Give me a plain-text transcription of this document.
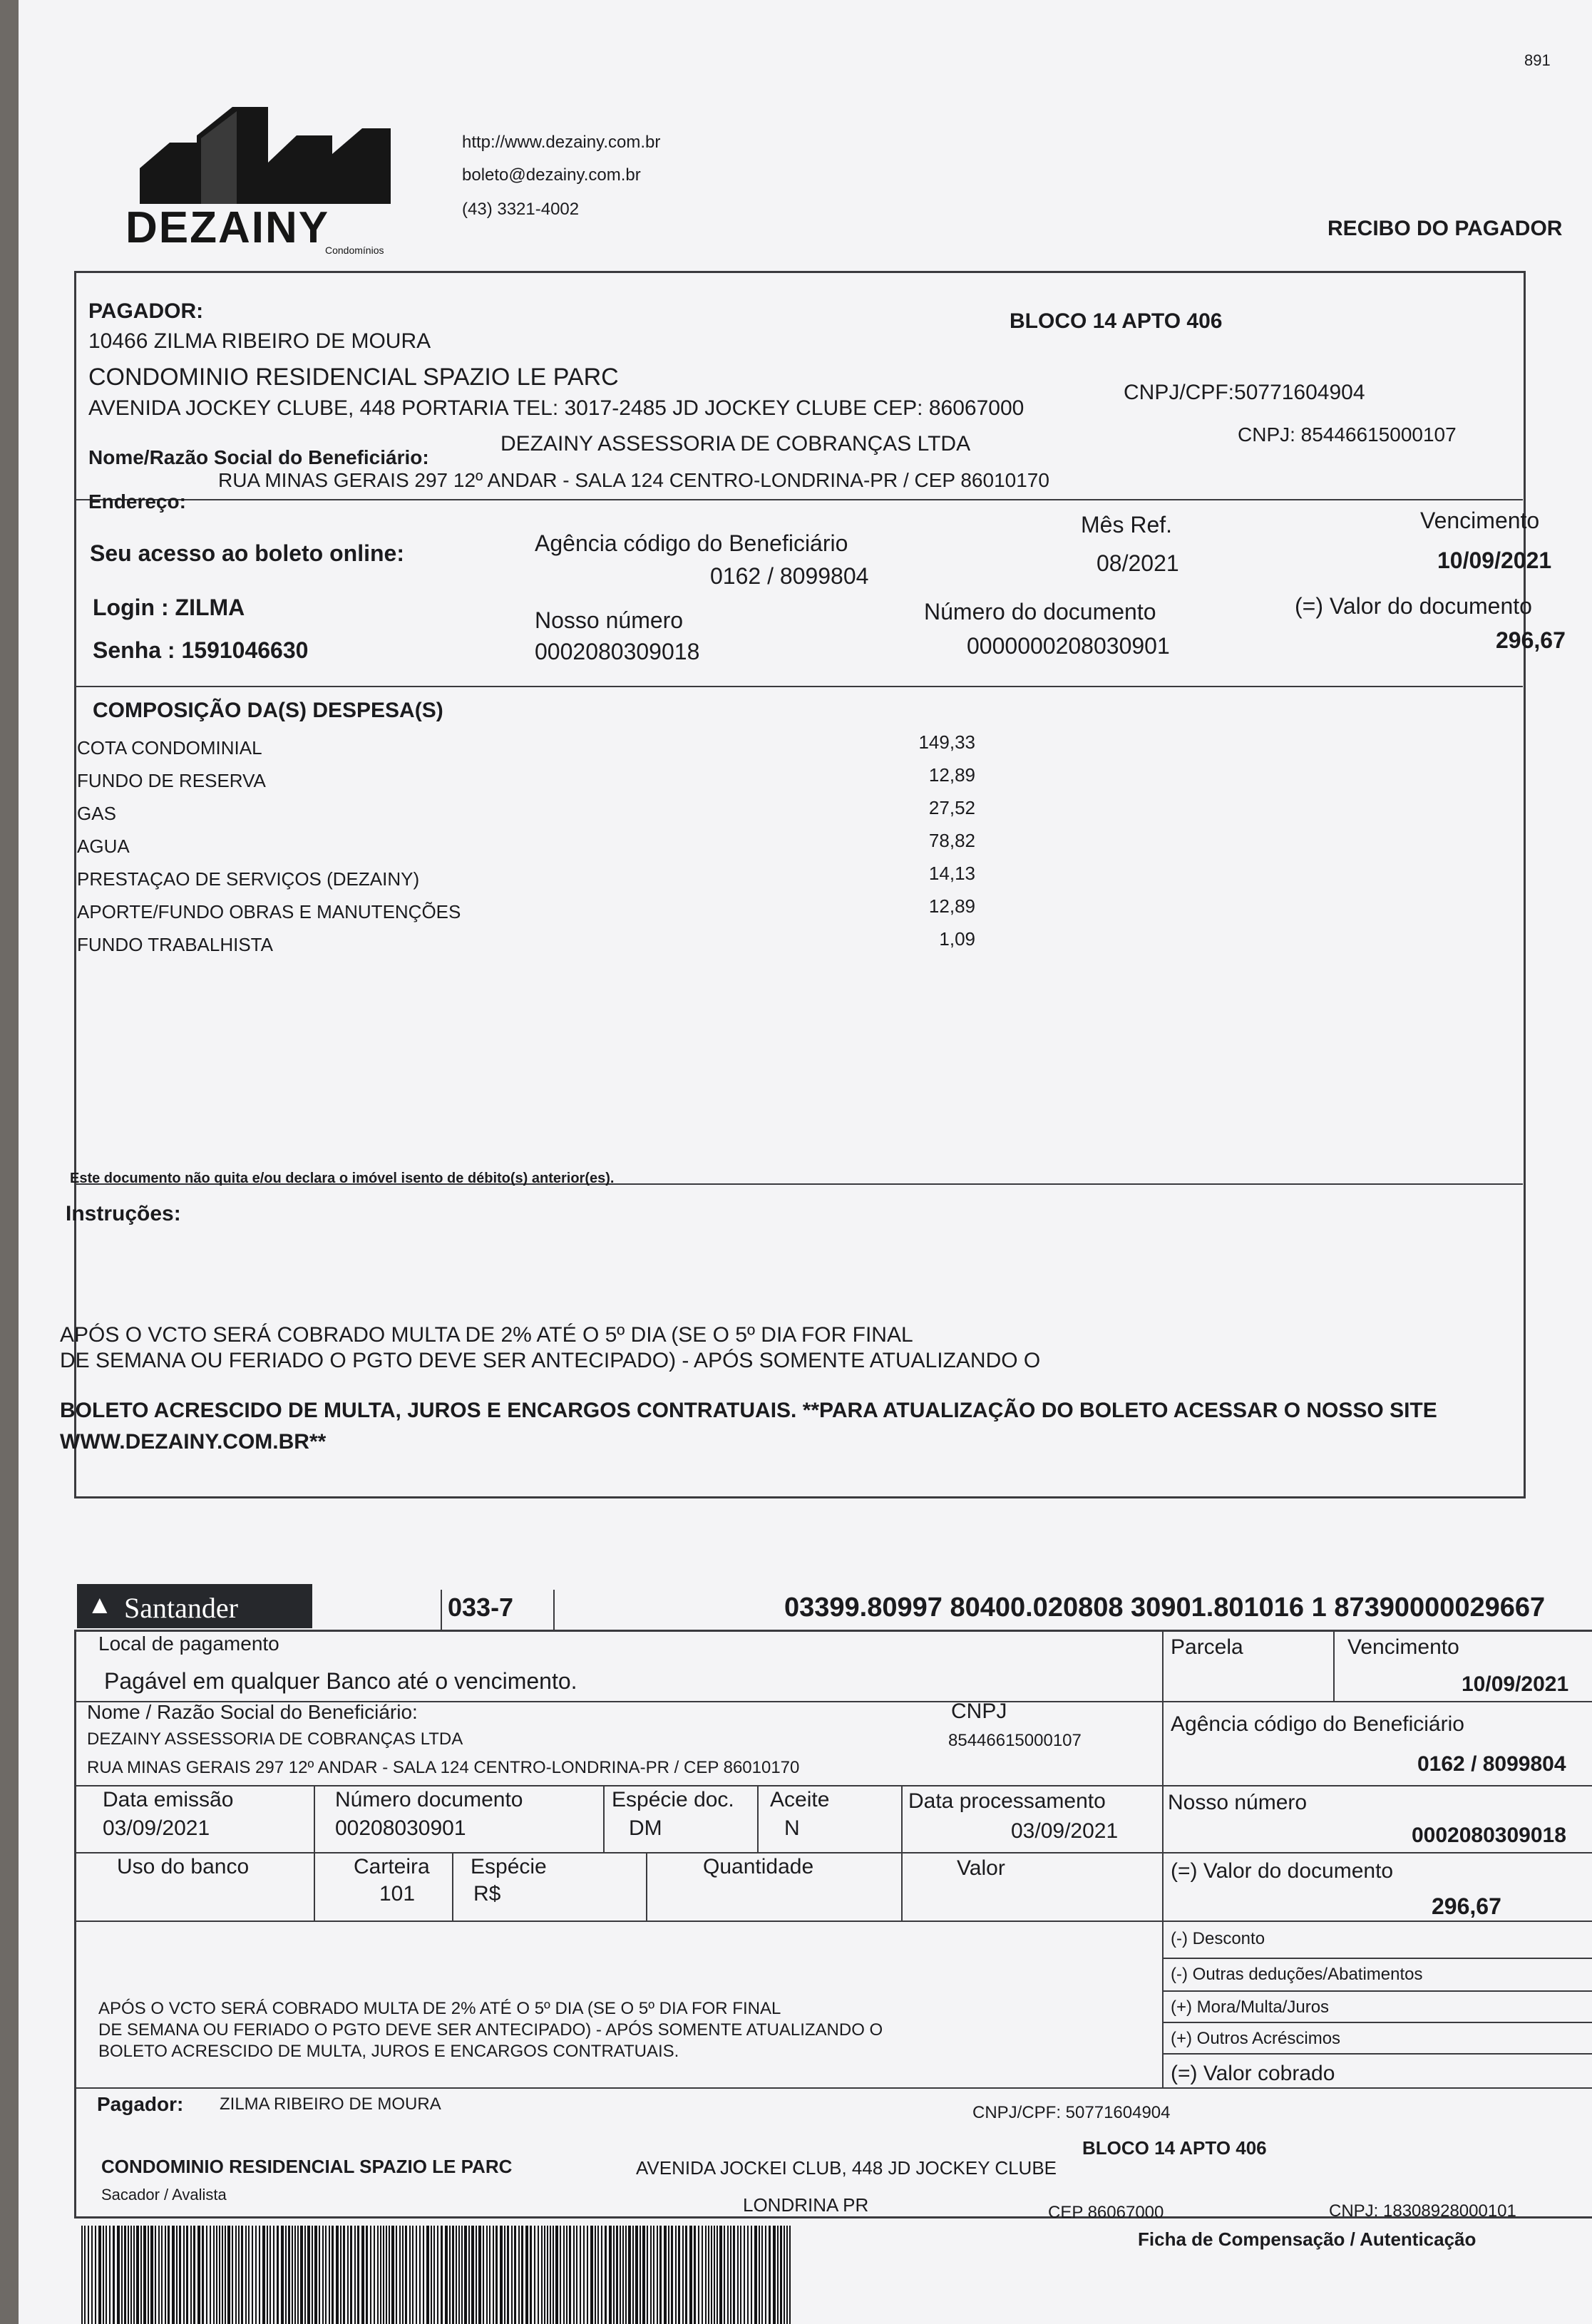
891
DEZAINY
Condomínios
http://www.dezainy.com.br
boleto@dezainy.com.br
(43) 3321-4002
RECIBO DO PAGADOR
PAGADOR:
10466 ZILMA RIBEIRO DE MOURA
BLOCO 14 APTO 406
CONDOMINIO RESIDENCIAL SPAZIO LE PARC
AVENIDA JOCKEY CLUBE, 448 PORTARIA TEL: 3017-2485 JD JOCKEY CLUBE CEP: 86067000
CNPJ/CPF:50771604904
Nome/Razão Social do Beneficiário:
DEZAINY ASSESSORIA DE COBRANÇAS LTDA	CNPJ: 85446615000107
Endereço:
RUA MINAS GERAIS 297 12º ANDAR - SALA 124 CENTRO-LONDRINA-PR / CEP 86010170
Seu acesso ao boleto online:
Login : ZILMA
Senha : 1591046630
Agência código do Beneficiário
0162 / 8099804
Nosso número
0002080309018
Mês Ref.
08/2021
Número do documento
0000000208030901
Vencimento
10/09/2021
(=) Valor do documento
296,67
COMPOSIÇÃO DA(S) DESPESA(S)
COTA CONDOMINIAL	149,33
FUNDO DE RESERVA	12,89
GAS	27,52
AGUA	78,82
PRESTAÇAO DE SERVIÇOS (DEZAINY)	14,13
APORTE/FUNDO OBRAS E MANUTENÇÕES	12,89
FUNDO TRABALHISTA	1,09
Este documento não quita e/ou declara o imóvel isento de débito(s) anterior(es).
Instruções:
APÓS O VCTO SERÁ COBRADO MULTA DE 2% ATÉ O 5º DIA (SE O 5º DIA FOR FINAL
DE SEMANA OU FERIADO O PGTO DEVE SER ANTECIPADO) - APÓS SOMENTE ATUALIZANDO O
BOLETO ACRESCIDO DE MULTA, JUROS E ENCARGOS CONTRATUAIS. **PARA ATUALIZAÇÃO DO BOLETO ACESSAR O NOSSO SITE
WWW.DEZAINY.COM.BR**
▲ Santander	033-7	03399.80997 80400.020808 30901.801016 1 87390000029667
Local de pagamento
Pagável em qualquer Banco até o vencimento.
Parcela	Vencimento
10/09/2021
Nome / Razão Social do Beneficiário:
DEZAINY ASSESSORIA DE COBRANÇAS LTDA
RUA MINAS GERAIS 297 12º ANDAR - SALA 124 CENTRO-LONDRINA-PR / CEP 86010170
CNPJ
85446615000107
Agência código do Beneficiário
0162 / 8099804
Data emissão
03/09/2021
Número documento
00208030901
Espécie doc.
DM
Aceite
N
Data processamento
03/09/2021
Nosso número
0002080309018
Uso do banco	Carteira
101
Espécie
R$
Quantidade	Valor	(=) Valor do documento
296,67
(-) Desconto
(-) Outras deduções/Abatimentos
(+) Mora/Multa/Juros
(+) Outros Acréscimos
(=) Valor cobrado
APÓS O VCTO SERÁ COBRADO MULTA DE 2% ATÉ O 5º DIA (SE O 5º DIA FOR FINAL
DE SEMANA OU FERIADO O PGTO DEVE SER ANTECIPADO) - APÓS SOMENTE ATUALIZANDO O
BOLETO ACRESCIDO DE MULTA, JUROS E ENCARGOS CONTRATUAIS.
Pagador: ZILMA RIBEIRO DE MOURA	CNPJ/CPF: 50771604904
BLOCO 14 APTO 406
CONDOMINIO RESIDENCIAL SPAZIO LE PARC	AVENIDA JOCKEI CLUB, 448 JD JOCKEY CLUBE
Sacador / Avalista	LONDRINA PR	CEP 86067000	CNPJ: 18308928000101
Ficha de Compensação / Autenticação
